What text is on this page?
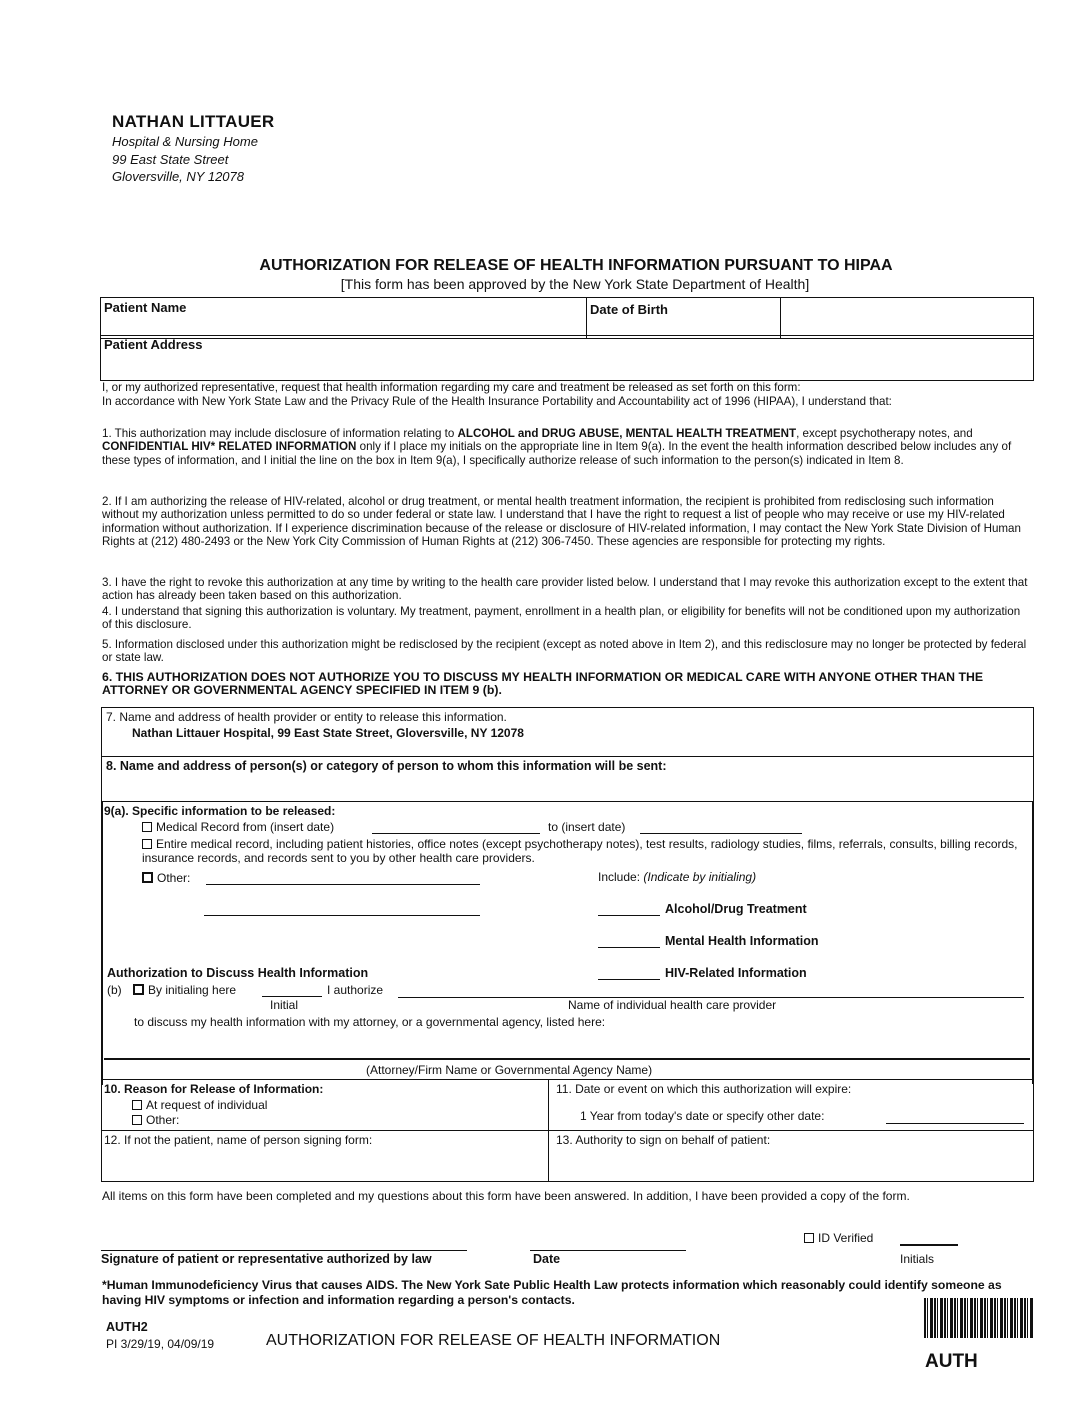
NATHAN LITTAUER
Hospital & Nursing Home
99 East State Street
Gloversville, NY 12078
AUTHORIZATION FOR RELEASE OF HEALTH INFORMATION PURSUANT TO HIPAA
[This form has been approved by the New York State Department of Health]
Patient Name	Date of Birth
Patient Address
I, or my authorized representative, request that health information regarding my care and treatment be released as set forth on this form:
In accordance with New York State Law and the Privacy Rule of the Health Insurance Portability and Accountability act of 1996 (HIPAA), I understand that:
1. This authorization may include disclosure of information relating to ALCOHOL and DRUG ABUSE, MENTAL HEALTH TREATMENT, except psychotherapy notes, and CONFIDENTIAL HIV* RELATED INFORMATION only if I place my initials on the appropriate line in Item 9(a). In the event the health information described below includes any of these types of information, and I initial the line on the box in Item 9(a), I specifically authorize release of such information to the person(s) indicated in Item 8.
2. If I am authorizing the release of HIV-related, alcohol or drug treatment, or mental health treatment information, the recipient is prohibited from redisclosing such information without my authorization unless permitted to do so under federal or state law. I understand that I have the right to request a list of people who may receive or use my HIV-related information without authorization. If I experience discrimination because of the release or disclosure of HIV-related information, I may contact the New York State Division of Human Rights at (212) 480-2493 or the New York City Commission of Human Rights at (212) 306-7450. These agencies are responsible for protecting my rights.
3. I have the right to revoke this authorization at any time by writing to the health care provider listed below. I understand that I may revoke this authorization except to the extent that action has already been taken based on this authorization.
4. I understand that signing this authorization is voluntary. My treatment, payment, enrollment in a health plan, or eligibility for benefits will not be conditioned upon my authorization of this disclosure.
5. Information disclosed under this authorization might be redisclosed by the recipient (except as noted above in Item 2), and this redisclosure may no longer be protected by federal or state law.
6. THIS AUTHORIZATION DOES NOT AUTHORIZE YOU TO DISCUSS MY HEALTH INFORMATION OR MEDICAL CARE WITH ANYONE OTHER THAN THE ATTORNEY OR GOVERNMENTAL AGENCY SPECIFIED IN ITEM 9 (b).
7. Name and address of health provider or entity to release this information.
Nathan Littauer Hospital, 99 East State Street, Gloversville, NY 12078
8. Name and address of person(s) or category of person to whom this information will be sent:
9(a). Specific information to be released:
Medical Record from (insert date)	to (insert date)
Entire medical record, including patient histories, office notes (except psychotherapy notes), test results, radiology studies, films, referrals, consults, billing records, insurance records, and records sent to you by other health care providers.
Other:	Include: (Indicate by initialing)
Alcohol/Drug Treatment
Mental Health Information
HIV-Related Information
Authorization to Discuss Health Information
(b)	By initialing here	I authorize
Initial	Name of individual health care provider
to discuss my health information with my attorney, or a governmental agency, listed here:
(Attorney/Firm Name or Governmental Agency Name)
10. Reason for Release of Information:
At request of individual
Other:
11. Date or event on which this authorization will expire:
1 Year from today's date or specify other date:
12. If not the patient, name of person signing form:	13. Authority to sign on behalf of patient:
All items on this form have been completed and my questions about this form have been answered. In addition, I have been provided a copy of the form.
ID Verified
Signature of patient or representative authorized by law	Date	Initials
*Human Immunodeficiency Virus that causes AIDS. The New York Sate Public Health Law protects information which reasonably could identify someone as having HIV symptoms or infection and information regarding a person's contacts.
AUTH2
PI 3/29/19, 04/09/19	AUTHORIZATION FOR RELEASE OF HEALTH INFORMATION
AUTH
